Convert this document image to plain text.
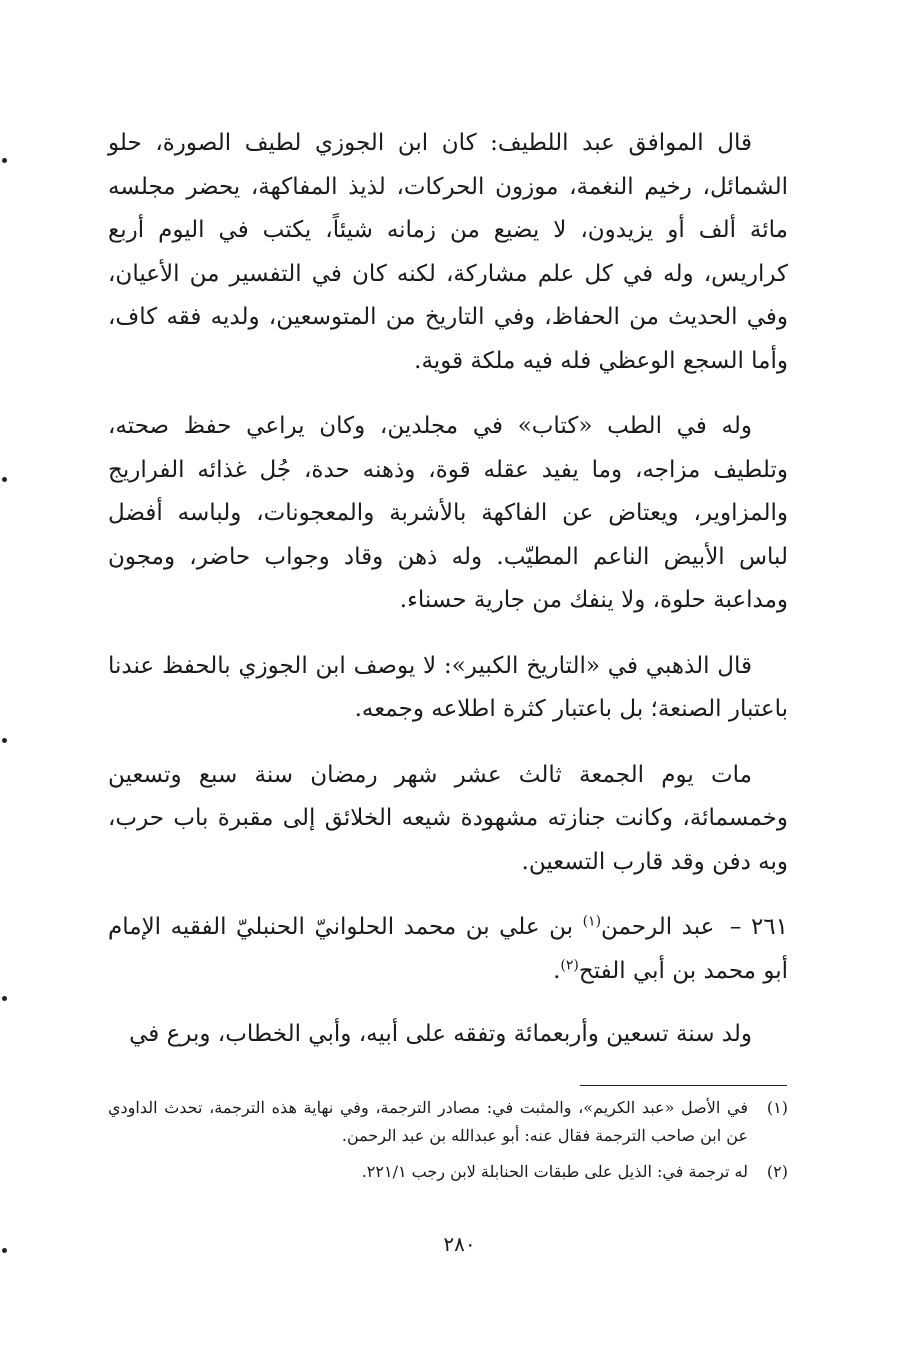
قال الموافق عبد اللطيف: كان ابن الجوزي لطيف الصورة، حلو الشمائل، رخيم النغمة، موزون الحركات، لذيذ المفاكهة، يحضر مجلسه مائة ألف أو يزيدون، لا يضيع من زمانه شيئاً، يكتب في اليوم أربع كراريس، وله في كل علم مشاركة، لكنه كان في التفسير من الأعيان، وفي الحديث من الحفاظ، وفي التاريخ من المتوسعين، ولديه فقه كاف، وأما السجع الوعظي فله فيه ملكة قوية.

وله في الطب «كتاب» في مجلدين، وكان يراعي حفظ صحته، وتلطيف مزاجه، وما يفيد عقله قوة، وذهنه حدة، جُل غذائه الفراريج والمزاوير، ويعتاض عن الفاكهة بالأشربة والمعجونات، ولباسه أفضل لباس الأبيض الناعم المطيّب. وله ذهن وقاد وجواب حاضر، ومجون ومداعبة حلوة، ولا ينفك من جارية حسناء.

قال الذهبي في «التاريخ الكبير»: لا يوصف ابن الجوزي بالحفظ عندنا باعتبار الصنعة؛ بل باعتبار كثرة اطلاعه وجمعه.

مات يوم الجمعة ثالث عشر شهر رمضان سنة سبع وتسعين وخمسمائة، وكانت جنازته مشهودة شيعه الخلائق إلى مقبرة باب حرب، وبه دفن وقد قارب التسعين.

٢٦١ – عبد الرحمن$^{(١)}$ بن علي بن محمد الحلوانيّ الحنبليّ الفقيه الإمام أبو محمد بن أبي الفتح$^{(٢)}$.

ولد سنة تسعين وأربعمائة وتفقه على أبيه، وأبي الخطاب، وبرع في

(١)
في الأصل «عبد الكريم»، والمثبت في: مصادر الترجمة، وفي نهاية هذه الترجمة، تحدث الداودي عن ابن صاحب الترجمة فقال عنه: أبو عبدالله بن عبد الرحمن.
(٢)
له ترجمة في: الذيل على طبقات الحنابلة لابن رجب ٢٢١/١.
٢٨٠
